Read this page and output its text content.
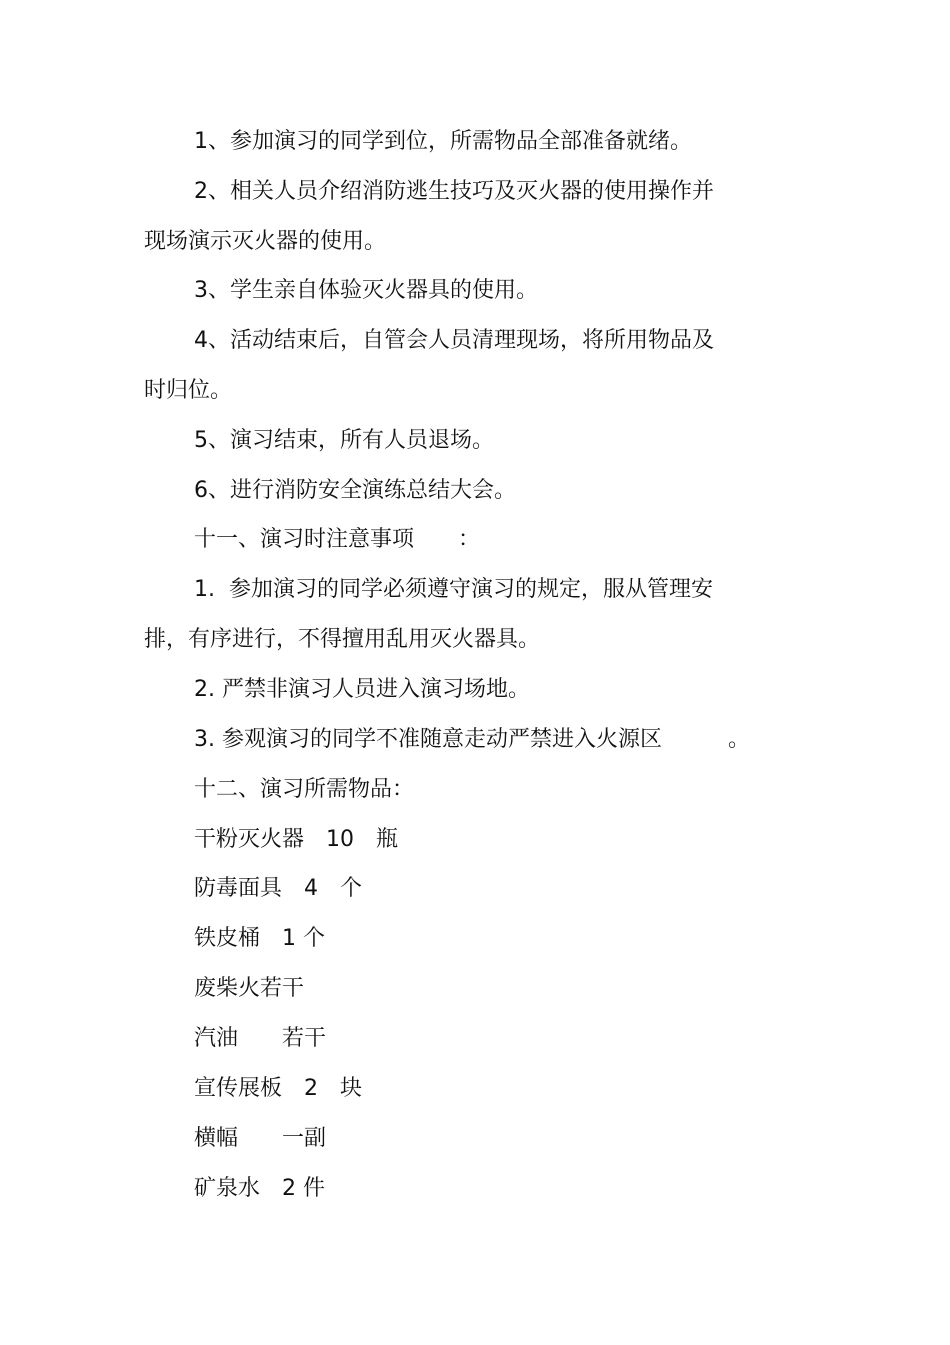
1、参加演习的同学到位，所需物品全部准备就绪。
2、相关人员介绍消防逃生技巧及灭火器的使用操作并
现场演示灭火器的使用。
3、学生亲自体验灭火器具的使用。
4、活动结束后，自管会人员清理现场，将所用物品及
时归位。
5、演习结束，所有人员退场。
6、进行消防安全演练总结大会。
十一、演习时注意事项　　：
1.  参加演习的同学必须遵守演习的规定，服从管理安
排，有序进行，不得擅用乱用灭火器具。
2. 严禁非演习人员进入演习场地。
3. 参观演习的同学不准随意走动严禁进入火源区　　　。
十二、演习所需物品：
干粉灭火器　10　瓶
防毒面具　4　个
铁皮桶　1 个
废柴火若干
汽油　　若干
宣传展板　2　块
横幅　　一副
矿泉水　2 件
